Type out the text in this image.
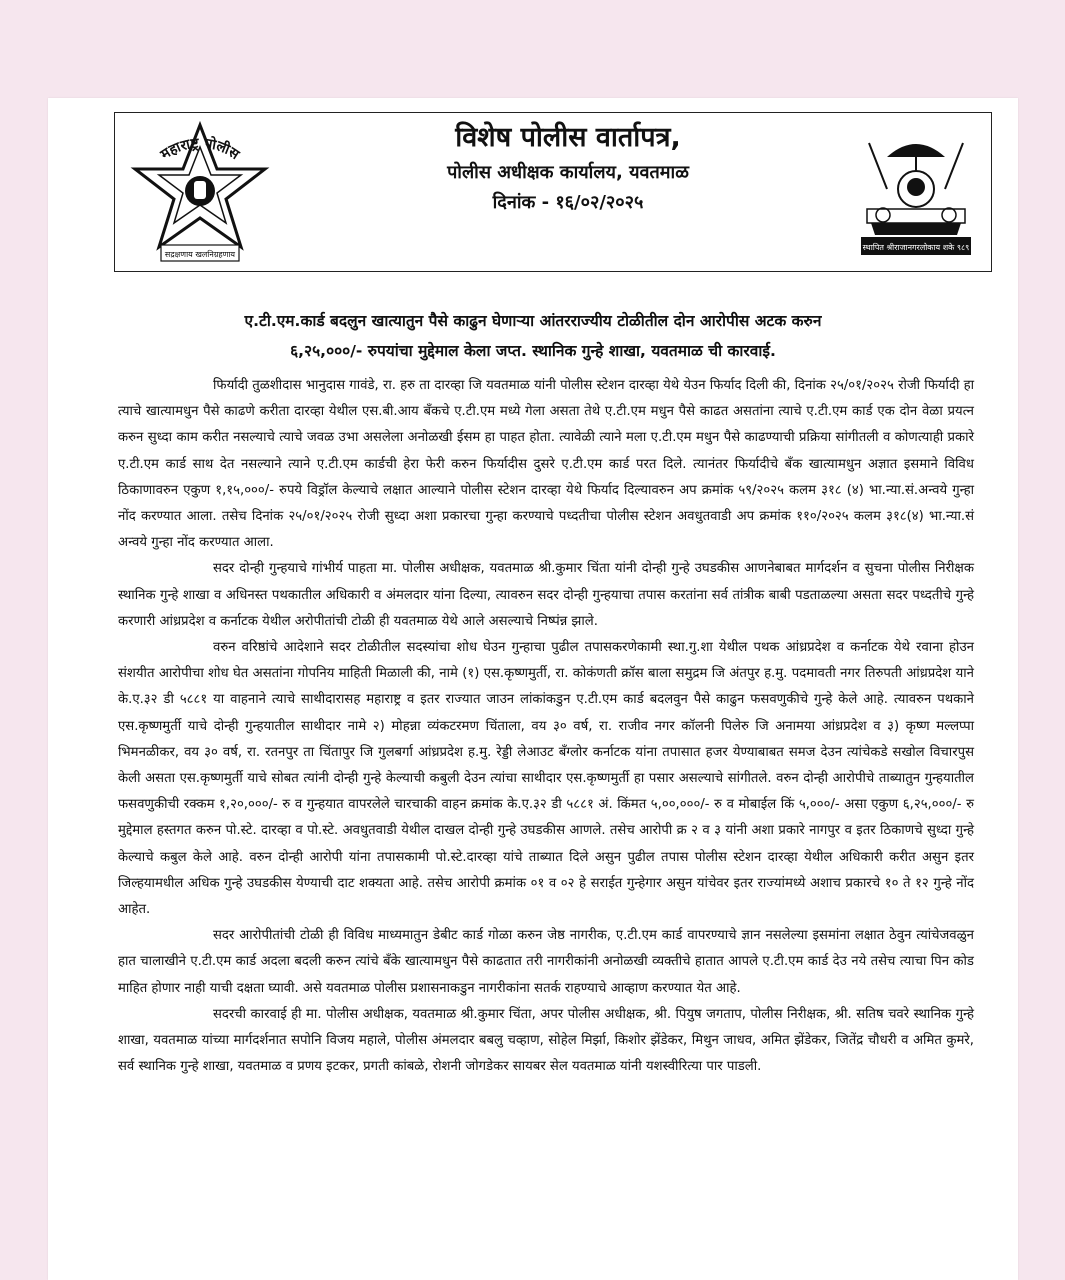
महाराष्ट्र पोलीस
सद्रक्षणाय खलनिग्रहणाय

विशेष पोलीस वार्तापत्र,

पोलीस अधीक्षक कार्यालय, यवतमाळ

दिनांक - १६/०२/२०२५

स्थापित श्रीराजानगरलोकाय शके ९८९
ए.टी.एम.कार्ड बदलुन खात्यातुन पैसे काढुन घेणाऱ्या आंतरराज्यीय टोळीतील दोन आरोपीस अटक करुन
६,२५,०००/- रुपयांचा मुद्देमाल केला जप्त. स्थानिक गुन्हे शाखा, यवतमाळ ची कारवाई.

फिर्यादी तुळशीदास भानुदास गावंडे, रा. हरु ता दारव्हा जि यवतमाळ यांनी पोलीस स्टेशन दारव्हा येथे येउन फिर्याद दिली की, दिनांक २५/०१/२०२५ रोजी फिर्यादी हा त्याचे खात्यामधुन पैसे काढणे करीता दारव्हा येथील एस.बी.आय बँकचे ए.टी.एम मध्ये गेला असता तेथे ए.टी.एम मधुन पैसे काढत असतांना त्याचे ए.टी.एम कार्ड एक दोन वेळा प्रयत्न करुन सुध्दा काम करीत नसल्याचे त्याचे जवळ उभा असलेला अनोळखी ईसम हा पाहत होता. त्यावेळी त्याने मला ए.टी.एम मधुन पैसे काढण्याची प्रक्रिया सांगीतली व कोणत्याही प्रकारे ए.टी.एम कार्ड साथ देत नसल्याने त्याने ए.टी.एम कार्डची हेरा फेरी करुन फिर्यादीस दुसरे ए.टी.एम कार्ड परत दिले. त्यानंतर फिर्यादीचे बँक खात्यामधुन अज्ञात इसमाने विविध ठिकाणावरुन एकुण १,१५,०००/- रुपये विड्रॉल केल्याचे लक्षात आल्याने पोलीस स्टेशन दारव्हा येथे फिर्याद दिल्यावरुन अप क्रमांक ५९/२०२५ कलम ३१८ (४) भा.न्या.सं.अन्वये गुन्हा नोंद करण्यात आला. तसेच दिनांक २५/०१/२०२५ रोजी सुध्दा अशा प्रकारचा गुन्हा करण्याचे पध्दतीचा पोलीस स्टेशन अवधुतवाडी अप क्रमांक ११०/२०२५ कलम ३१८(४) भा.न्या.सं अन्वये गुन्हा नोंद करण्यात आला.

सदर दोन्ही गुन्हयाचे गांभीर्य पाहता मा. पोलीस अधीक्षक, यवतमाळ श्री.कुमार चिंता यांनी दोन्ही गुन्हे उघडकीस आणनेबाबत मार्गदर्शन व सुचना पोलीस निरीक्षक स्थानिक गुन्हे शाखा व अधिनस्त पथकातील अधिकारी व अंमलदार यांना दिल्या, त्यावरुन सदर दोन्ही गुन्हयाचा तपास करतांना सर्व तांत्रीक बाबी पडताळल्या असता सदर पध्दतीचे गुन्हे करणारी आंध्रप्रदेश व कर्नाटक येथील अरोपीतांची टोळी ही यवतमाळ येथे आले असल्याचे निष्पंन्न झाले.

वरुन वरिष्ठांचे आदेशाने सदर टोळीतील सदस्यांचा शोध घेउन गुन्हाचा पुढील तपासकरणेकामी स्था.गु.शा येथील पथक आंध्रप्रदेश व कर्नाटक येथे रवाना होउन संशयीत आरोपीचा शोध घेत असतांना गोपनिय माहिती मिळाली की, नामे (१) एस.कृष्णमुर्ती, रा. कोकंणती क्रॉस बाला समुद्रम जि अंतपुर ह.मु. पदमावती नगर तिरुपती आंध्रप्रदेश याने के.ए.३२ डी ५८८१ या वाहनाने त्याचे साथीदारासह महाराष्ट्र व इतर राज्यात जाउन लांकांकडुन ए.टी.एम कार्ड बदलवुन पैसे काढुन फसवणुकीचे गुन्हे केले आहे. त्यावरुन पथकाने एस.कृष्णमुर्ती याचे दोन्ही गुन्हयातील साथीदार नामे २) मोहन्ना व्यंकटरमण चिंताला, वय ३० वर्ष, रा. राजीव नगर कॉलनी पिलेरु जि अनामया आंध्रप्रदेश व ३) कृष्ण मल्लप्पा भिमनळीकर, वय ३० वर्ष, रा. रतनपुर ता चिंतापुर जि गुलबर्गा आंध्रप्रदेश ह.मु. रेड्डी लेआउट बँग्लोर कर्नाटक यांना तपासात हजर येण्याबाबत समज देउन त्यांचेकडे सखोल विचारपुस केली असता एस.कृष्णमुर्ती याचे सोबत त्यांनी दोन्ही गुन्हे केल्याची कबुली देउन त्यांचा साथीदार एस.कृष्णमुर्ती हा पसार असल्याचे सांगीतले. वरुन दोन्ही आरोपीचे ताब्यातुन गुन्हयातील फसवणुकीची रक्कम १,२०,०००/- रु व गुन्हयात वापरलेले चारचाकी वाहन क्रमांक के.ए.३२ डी ५८८१ अं. किंमत ५,००,०००/- रु व मोबाईल किं ५,०००/- असा एकुण ६,२५,०००/- रु मुद्देमाल हस्तगत करुन पो.स्टे. दारव्हा व पो.स्टे. अवधुतवाडी येथील दाखल दोन्ही गुन्हे उघडकीस आणले. तसेच आरोपी क्र २ व ३ यांनी अशा प्रकारे नागपुर व इतर ठिकाणचे सुध्दा गुन्हे केल्याचे कबुल केले आहे. वरुन दोन्ही आरोपी यांना तपासकामी पो.स्टे.दारव्हा यांचे ताब्यात दिले असुन पुढील तपास पोलीस स्टेशन दारव्हा येथील अधिकारी करीत असुन इतर जिल्हयामधील अधिक गुन्हे उघडकीस येण्याची दाट शक्यता आहे. तसेच आरोपी क्रमांक ०१ व ०२ हे सराईत गुन्हेगार असुन यांचेवर इतर राज्यांमध्ये अशाच प्रकारचे १० ते १२ गुन्हे नोंद आहेत.

सदर आरोपीतांची टोळी ही विविध माध्यमातुन डेबीट कार्ड गोळा करुन जेष्ठ नागरीक, ए.टी.एम कार्ड वापरण्याचे ज्ञान नसलेल्या इसमांना लक्षात ठेवुन त्यांचेजवळुन हात चालाखीने ए.टी.एम कार्ड अदला बदली करुन त्यांचे बँके खात्यामधुन पैसे काढतात तरी नागरीकांनी अनोळखी व्यक्तीचे हातात आपले ए.टी.एम कार्ड देउ नये तसेच त्याचा पिन कोड माहित होणार नाही याची दक्षता घ्यावी. असे यवतमाळ पोलीस प्रशासनाकडुन नागरीकांना सतर्क राहण्याचे आव्हाण करण्यात येत आहे.

सदरची कारवाई ही मा. पोलीस अधीक्षक, यवतमाळ श्री.कुमार चिंता, अपर पोलीस अधीक्षक, श्री. पियुष जगताप, पोलीस निरीक्षक, श्री. सतिष चवरे स्थानिक गुन्हे शाखा, यवतमाळ यांच्या मार्गदर्शनात सपोनि विजय महाले, पोलीस अंमलदार बबलु चव्हाण, सोहेल मिर्झा, किशोर झेंडेकर, मिथुन जाधव, अमित झेंडेकर, जितेंद्र चौधरी व अमित कुमरे, सर्व स्थानिक गुन्हे शाखा, यवतमाळ व प्रणय इटकर, प्रगती कांबळे, रोशनी जोगडेकर सायबर सेल यवतमाळ यांनी यशस्वीरित्या पार पाडली.
